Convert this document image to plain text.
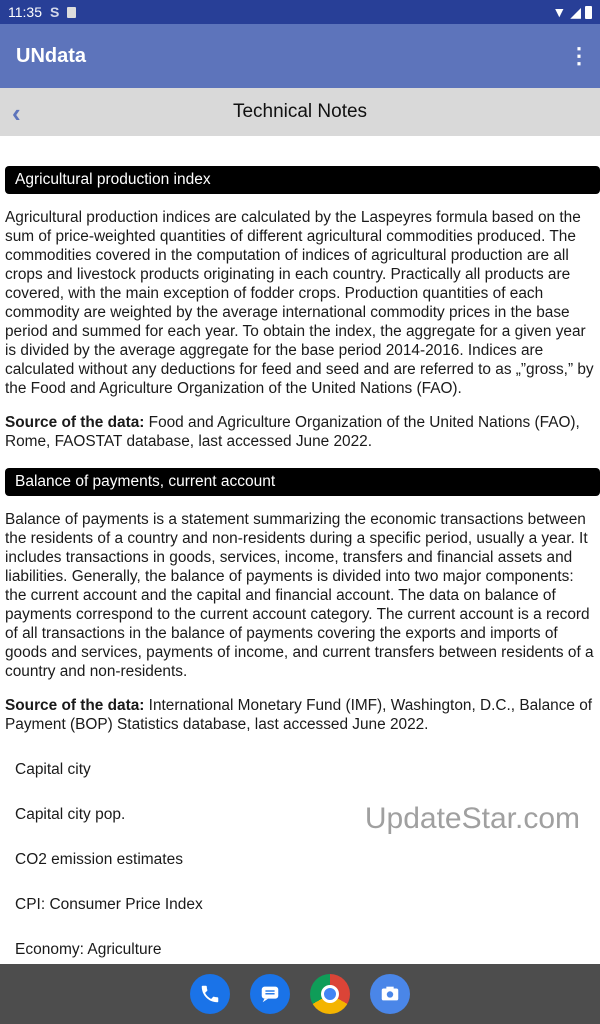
11:35 S	▼ ◢
UNdata	⋮
‹	Technical Notes
Agricultural production index

Agricultural production indices are calculated by the Laspeyres formula based on the sum of price-weighted quantities of different agricultural commodities produced. The commodities covered in the computation of indices of agricultural production are all crops and livestock products originating in each country. Practically all products are covered, with the main exception of fodder crops. Production quantities of each commodity are weighted by the average international commodity prices in the base period and summed for each year. To obtain the index, the aggregate for a given year is divided by the average aggregate for the base period 2014-2016. Indices are calculated without any deductions for feed and seed and are referred to as „”gross,” by the Food and Agriculture Organization of the United Nations (FAO).

Source of the data: Food and Agriculture Organization of the United Nations (FAO), Rome, FAOSTAT database, last accessed June 2022.

Balance of payments, current account

Balance of payments is a statement summarizing the economic transactions between the residents of a country and non-residents during a specific period, usually a year. It includes transactions in goods, services, income, transfers and financial assets and liabilities. Generally, the balance of payments is divided into two major components: the current account and the capital and financial account. The data on balance of payments correspond to the current account category. The current account is a record of all transactions in the balance of payments covering the exports and imports of goods and services, payments of income, and current transfers between residents of a country and non-residents.

Source of the data: International Monetary Fund (IMF), Washington, D.C., Balance of Payment (BOP) Statistics database, last accessed June 2022.

Capital city
Capital city pop.
CO2 emission estimates
CPI: Consumer Price Index
Economy: Agriculture
UpdateStar.com
